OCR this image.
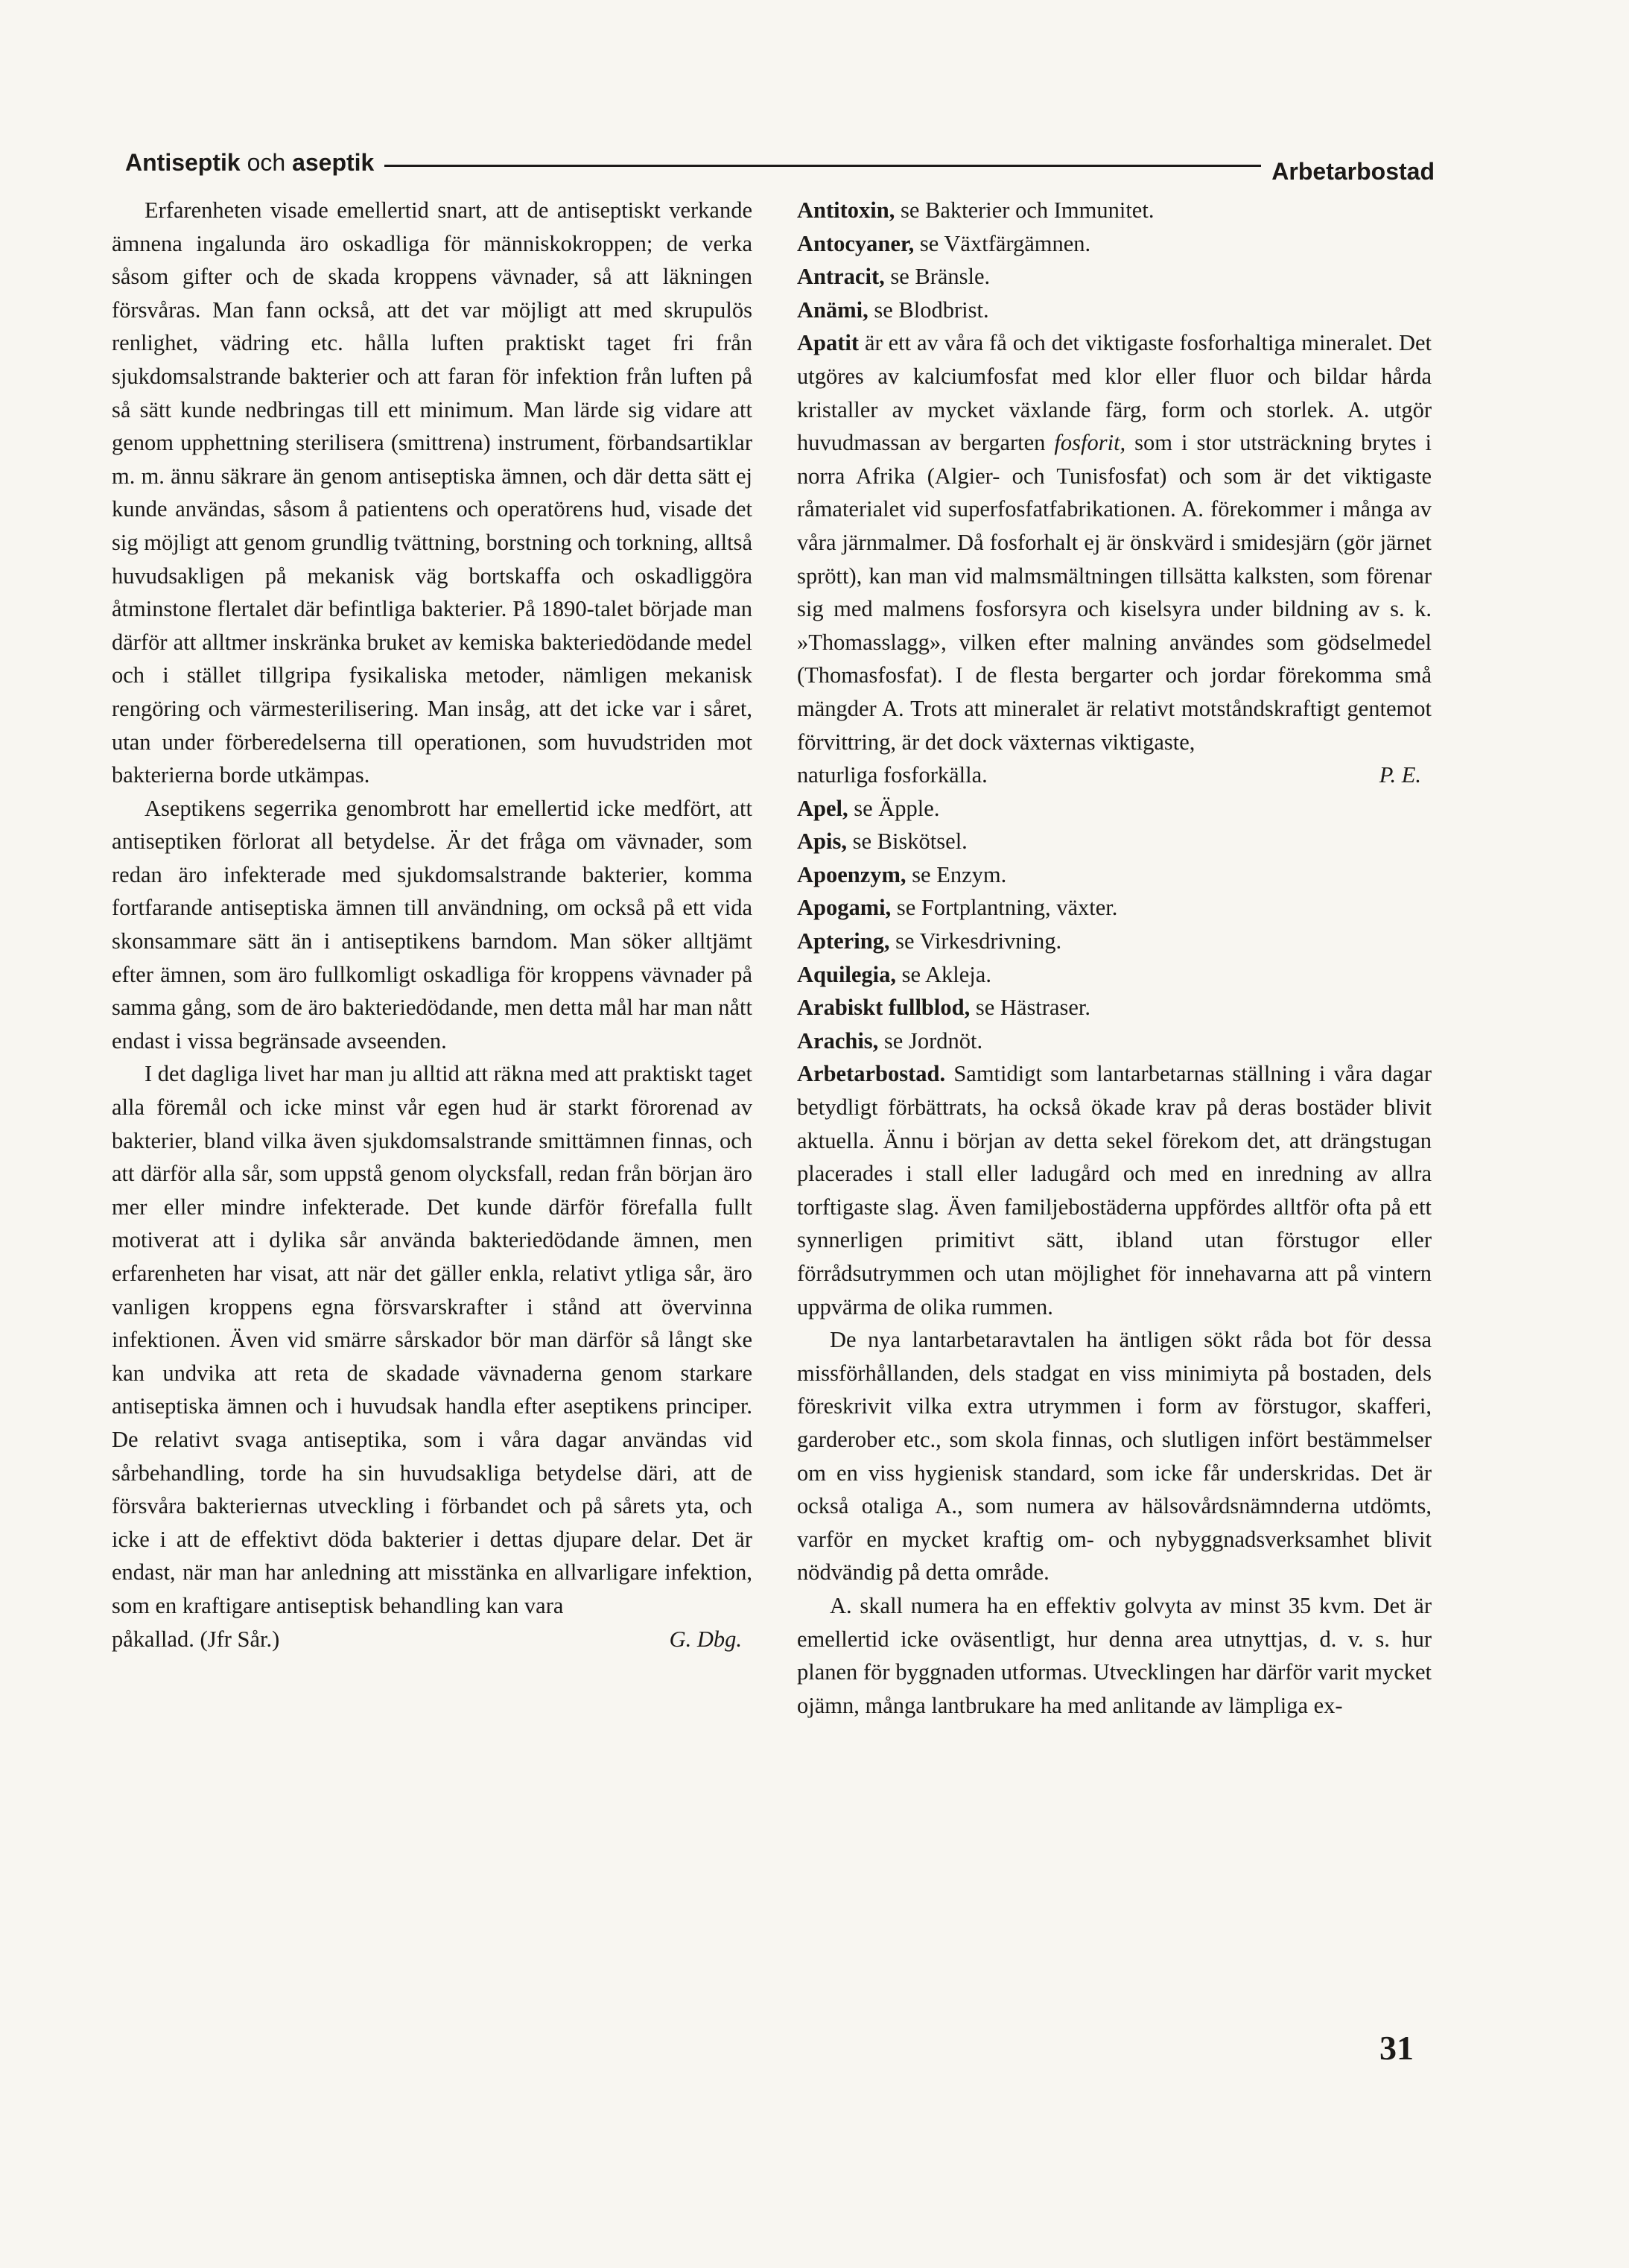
Antiseptik och aseptik	Arbetarbostad

Erfarenheten visade emellertid snart, att de antiseptiskt verkande ämnena ingalunda äro oskadliga för människokroppen; de verka såsom gifter och de skada kroppens vävnader, så att läkningen försvåras. Man fann också, att det var möjligt att med skrupulös renlighet, vädring etc. hålla luften praktiskt taget fri från sjukdomsalstrande bakterier och att faran för infektion från luften på så sätt kunde nedbringas till ett minimum. Man lärde sig vidare att genom upphettning sterilisera (smittrena) instrument, förbandsartiklar m. m. ännu säkrare än genom antiseptiska ämnen, och där detta sätt ej kunde användas, såsom å patientens och operatörens hud, visade det sig möjligt att genom grundlig tvättning, borstning och torkning, alltså huvudsakligen på mekanisk väg bortskaffa och oskadliggöra åtminstone flertalet där befintliga bakterier. På 1890-talet började man därför att alltmer inskränka bruket av kemiska bakteriedödande medel och i stället tillgripa fysikaliska metoder, nämligen mekanisk rengöring och värmesterilisering. Man insåg, att det icke var i såret, utan under förberedelserna till operationen, som huvudstriden mot bakterierna borde utkämpas.

Aseptikens segerrika genombrott har emellertid icke medfört, att antiseptiken förlorat all betydelse. Är det fråga om vävnader, som redan äro infekterade med sjukdomsalstrande bakterier, komma fortfarande antiseptiska ämnen till användning, om också på ett vida skonsammare sätt än i antiseptikens barndom. Man söker alltjämt efter ämnen, som äro fullkomligt oskadliga för kroppens vävnader på samma gång, som de äro bakteriedödande, men detta mål har man nått endast i vissa begränsade avseenden.

I det dagliga livet har man ju alltid att räkna med att praktiskt taget alla föremål och icke minst vår egen hud är starkt förorenad av bakterier, bland vilka även sjukdomsalstrande smittämnen finnas, och att därför alla sår, som uppstå genom olycksfall, redan från början äro mer eller mindre infekterade. Det kunde därför förefalla fullt motiverat att i dylika sår använda bakteriedödande ämnen, men erfarenheten har visat, att när det gäller enkla, relativt ytliga sår, äro vanligen kroppens egna försvarskrafter i stånd att övervinna infektionen. Även vid smärre sårskador bör man därför så långt ske kan undvika att reta de skadade vävnaderna genom starkare antiseptiska ämnen och i huvudsak handla efter aseptikens principer. De relativt svaga antiseptika, som i våra dagar användas vid sårbehandling, torde ha sin huvudsakliga betydelse däri, att de försvåra bakteriernas utveckling i förbandet och på sårets yta, och icke i att de effektivt döda bakterier i dettas djupare delar. Det är endast, när man har anledning att misstänka en allvarligare infektion, som en kraftigare antiseptisk behandling kan vara

påkallad. (Jfr Sår.)	G. Dbg.

Antitoxin, se Bakterier och Immunitet.

Antocyaner, se Växtfärgämnen.

Antracit, se Bränsle.

Anämi, se Blodbrist.

Apatit är ett av våra få och det viktigaste fosforhaltiga mineralet. Det utgöres av kalciumfosfat med klor eller fluor och bildar hårda kristaller av mycket växlande färg, form och storlek. A. utgör huvudmassan av bergarten fosforit, som i stor utsträckning brytes i norra Afrika (Algier- och Tunisfosfat) och som är det viktigaste råmaterialet vid superfosfatfabrikationen. A. förekommer i många av våra järnmalmer. Då fosforhalt ej är önskvärd i smidesjärn (gör järnet sprött), kan man vid malmsmältningen tillsätta kalksten, som förenar sig med malmens fosforsyra och kiselsyra under bildning av s. k. »Thomasslagg», vilken efter malning användes som gödselmedel (Thomasfosfat). I de flesta bergarter och jordar förekomma små mängder A. Trots att mineralet är relativt motståndskraftigt gentemot förvittring, är det dock växternas viktigaste,

naturliga fosforkälla.	P. E.

Apel, se Äpple.

Apis, se Biskötsel.

Apoenzym, se Enzym.

Apogami, se Fortplantning, växter.

Aptering, se Virkesdrivning.

Aquilegia, se Akleja.

Arabiskt fullblod, se Hästraser.

Arachis, se Jordnöt.

Arbetarbostad. Samtidigt som lantarbetarnas ställning i våra dagar betydligt förbättrats, ha också ökade krav på deras bostäder blivit aktuella. Ännu i början av detta sekel förekom det, att drängstugan placerades i stall eller ladugård och med en inredning av allra torftigaste slag. Även familjebostäderna uppfördes alltför ofta på ett synnerligen primitivt sätt, ibland utan förstugor eller förrådsutrymmen och utan möjlighet för innehavarna att på vintern uppvärma de olika rummen.

De nya lantarbetaravtalen ha äntligen sökt råda bot för dessa missförhållanden, dels stadgat en viss minimiyta på bostaden, dels föreskrivit vilka extra utrymmen i form av förstugor, skafferi, garderober etc., som skola finnas, och slutligen infört bestämmelser om en viss hygienisk standard, som icke får underskridas. Det är också otaliga A., som numera av hälsovårdsnämnderna utdömts, varför en mycket kraftig om- och nybyggnadsverksamhet blivit nödvändig på detta område.

A. skall numera ha en effektiv golvyta av minst 35 kvm. Det är emellertid icke oväsentligt, hur denna area utnyttjas, d. v. s. hur planen för byggnaden utformas. Utvecklingen har därför varit mycket ojämn, många lantbrukare ha med anlitande av lämpliga ex-

31
